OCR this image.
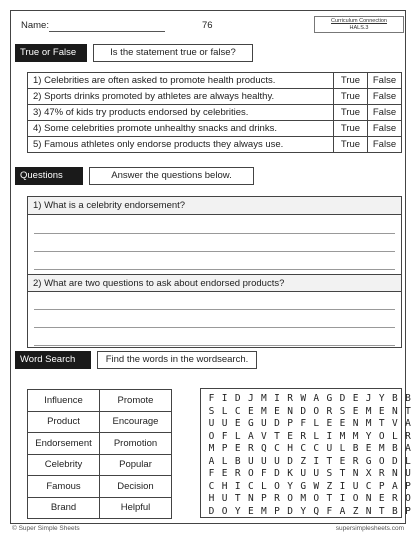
Name:	76	Curriculum Connection
HALS.3
True or False	Is the statement true or false?
1) Celebrities are often asked to promote health products.	True	False
2) Sports drinks promoted by athletes are always healthy.	True	False
3) 47% of kids try products endorsed by celebrities.	True	False
4) Some celebrities promote unhealthy snacks and drinks.	True	False
5) Famous athletes only endorse products they always use.	True	False
Questions	Answer the questions below.
1) What is a celebrity endorsement?
2) What are two questions to ask about endorsed products?
Word Search	Find the words in the wordsearch.
Influence	Promote
Product	Encourage
Endorsement	Promotion
Celebrity	Popular
Famous	Decision
Brand	Helpful
F I D J M I R W A G D E J Y B B
S L C E M E N D O R S E M E N T
U U E G U D P F L E E N M T V A
O F L A V T E R L I M M Y O L R
M P E R Q C H C C U L B E M B A
A L B U U U D Z I T E R G O D L
F E R O F D K U U S T N X R N U
C H I C L O Y G W Z I U C P A P
H U T N P R O M O T I O N E R O
D O Y E M P D Y Q F A Z N T B P
© Super Simple Sheets	supersimplesheets.com
